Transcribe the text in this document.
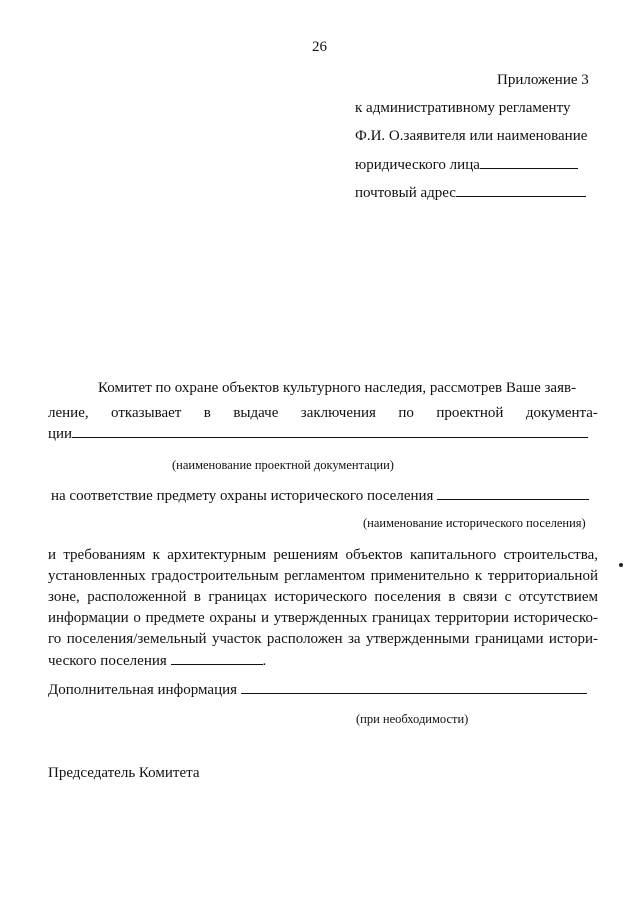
26
Приложение 3
к административному регламенту
Ф.И. О.заявителя или наименование
юридического лица
почтовый адрес
Комитет по охране объектов культурного наследия, рассмотрев Ваше заяв-
ление, отказывает в выдаче заключения по проектной документа-
ции
(наименование проектной документации)
на соответствие предмету охраны исторического поселения
(наименование исторического поселения)
и требованиям к архитектурным решениям объектов капитального строительства,
установленных градостроительным регламентом применительно к территориальной
зоне, расположенной в границах исторического поселения в связи с отсутствием
информации о предмете охраны и утвержденных границах территории историческо-
го поселения/земельный участок расположен за утвержденными границами истори-
ческого поселения	.
Дополнительная информация
(при необходимости)
Председатель Комитета
